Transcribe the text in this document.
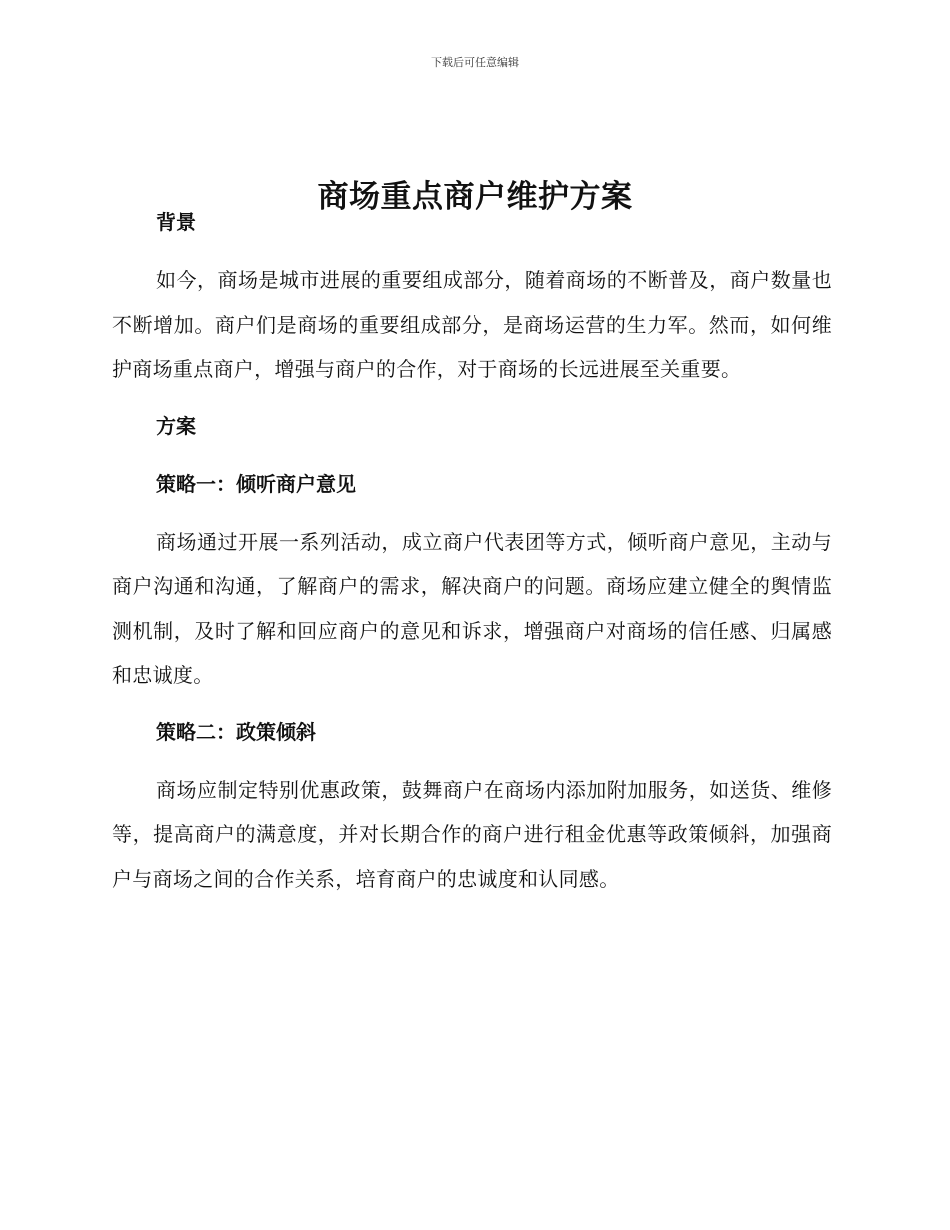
下载后可任意编辑
商场重点商户维护方案

背景

如今，商场是城市进展的重要组成部分，随着商场的不断普及，商户数量也不断增加。商户们是商场的重要组成部分，是商场运营的生力军。然而，如何维护商场重点商户，增强与商户的合作，对于商场的长远进展至关重要。

方案

策略一：倾听商户意见

商场通过开展一系列活动，成立商户代表团等方式，倾听商户意见，主动与商户沟通和沟通，了解商户的需求，解决商户的问题。商场应建立健全的舆情监测机制，及时了解和回应商户的意见和诉求，增强商户对商场的信任感、归属感和忠诚度。

策略二：政策倾斜

商场应制定特别优惠政策，鼓舞商户在商场内添加附加服务，如送货、维修等，提高商户的满意度，并对长期合作的商户进行租金优惠等政策倾斜，加强商户与商场之间的合作关系，培育商户的忠诚度和认同感。
